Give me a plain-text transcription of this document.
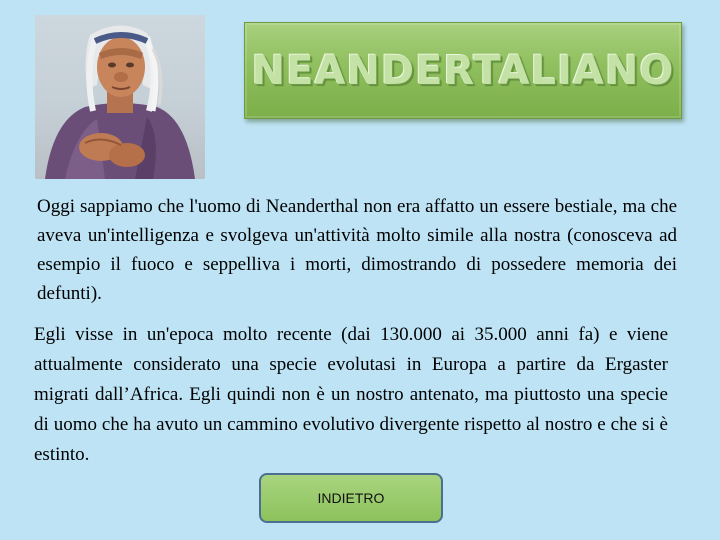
NEANDERTALIANO

Oggi sappiamo che l'uomo di Neanderthal non era affatto un essere bestiale, ma che aveva un'intelligenza e svolgeva un'attività molto simile alla nostra (conosceva ad esempio il fuoco e seppelliva i morti, dimostrando di possedere memoria dei defunti).

Egli visse in un'epoca molto recente (dai 130.000 ai 35.000 anni fa) e viene attualmente considerato una specie evolutasi in Europa a partire da Ergaster migrati dall’Africa. Egli quindi non è un nostro antenato, ma piuttosto una specie di uomo che ha avuto un cammino evolutivo divergente rispetto al nostro e che si è estinto.

INDIETRO
